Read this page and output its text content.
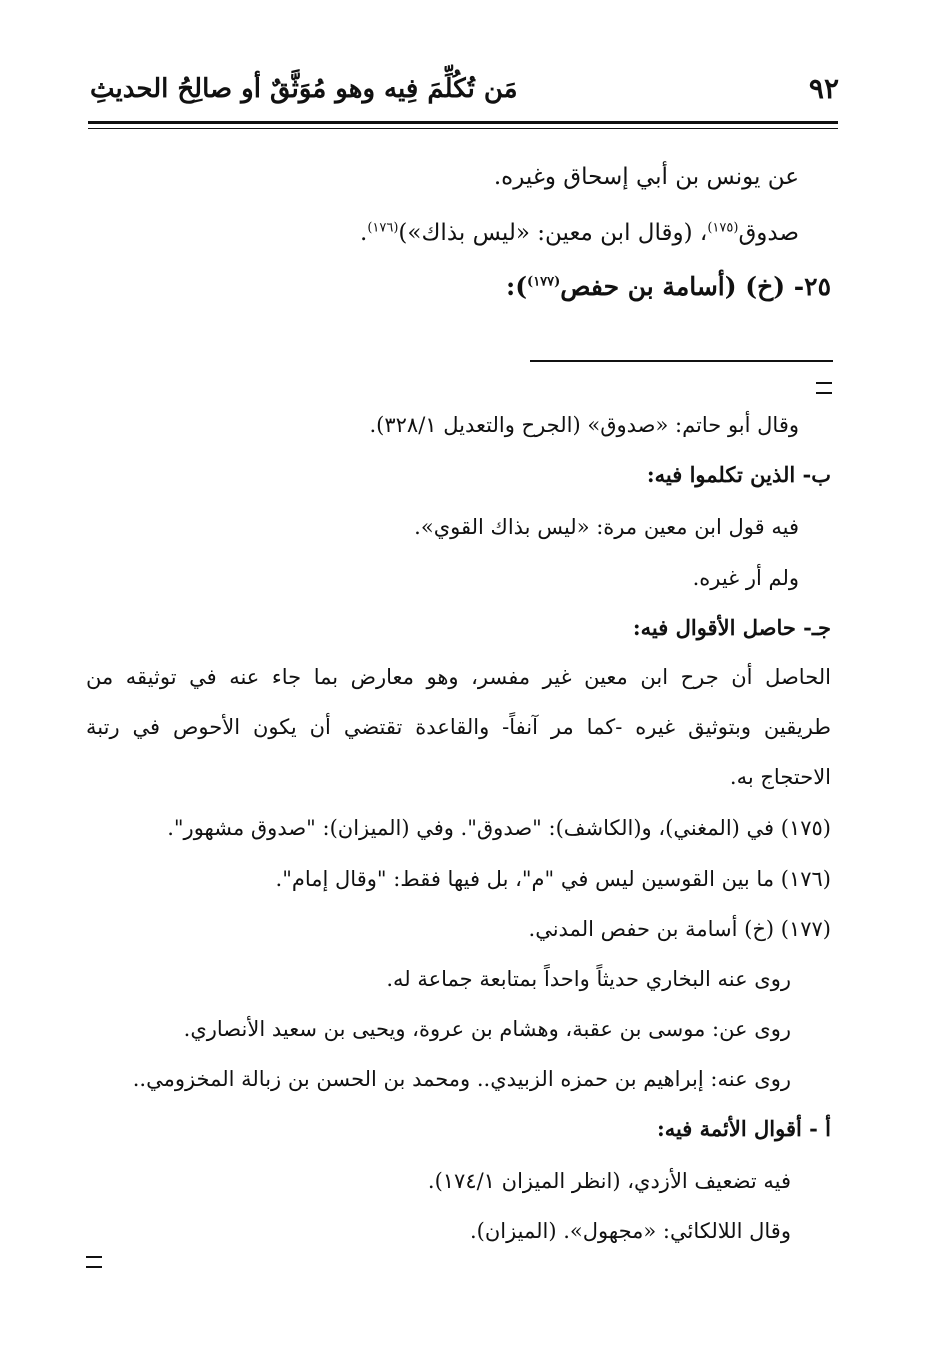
٩٢
مَن تُكُلِّمَ فِيه وهو مُوَثَّقٌ أو صالِحُ الحديثِ
عن يونس بن أبي إسحاق وغيره.
صدوق$^{(١٧٥)}$، (وقال ابن معين: «ليس بذاك»)$^{(١٧٦)}$.
٢٥- (خ) (أسامة بن حفص$^{(١٧٧)}$):
وقال أبو حاتم: «صدوق» (الجرح والتعديل ٣٢٨/١).
ب- الذين تكلموا فيه:
فيه قول ابن معين مرة: «ليس بذاك القوي».
ولم أر غيره.
جـ- حاصل الأقوال فيه:
الحاصل أن جرح ابن معين غير مفسر، وهو معارض بما جاء عنه في توثيقه من
طريقين وبتوثيق غيره -كما مر آنفاً- والقاعدة تقتضي أن يكون الأحوص في رتبة
الاحتجاج به.
(١٧٥) في (المغني)، و(الكاشف): "صدوق". وفي (الميزان): "صدوق مشهور".
(١٧٦) ما بين القوسين ليس في "م"، بل فيها فقط: "وقال إمام".
(١٧٧) (خ) أسامة بن حفص المدني.
روى عنه البخاري حديثاً واحداً بمتابعة جماعة له.
روى عن: موسى بن عقبة، وهشام بن عروة، ويحيى بن سعيد الأنصاري.
روى عنه: إبراهيم بن حمزه الزبيدي.. ومحمد بن الحسن بن زبالة المخزومي..
أ - أقوال الأئمة فيه:
فيه تضعيف الأزدي، (انظر الميزان ١٧٤/١).
وقال اللالكائي: «مجهول». (الميزان).
